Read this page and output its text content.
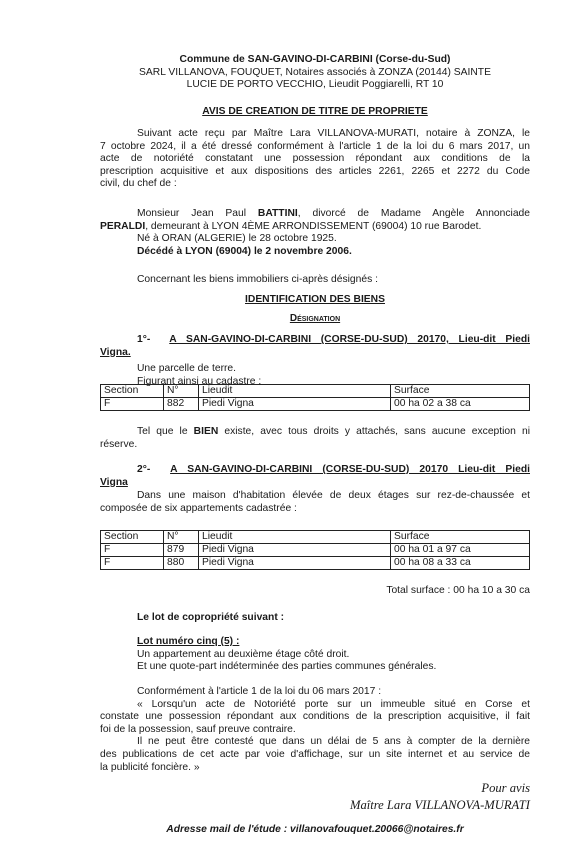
Commune de SAN-GAVINO-DI-CARBINI (Corse-du-Sud)

SARL VILLANOVA, FOUQUET, Notaires associés à ZONZA (20144) SAINTE

LUCIE DE PORTO VECCHIO, Lieudit Poggiarelli, RT 10

AVIS DE CREATION DE TITRE DE PROPRIETE

Suivant acte reçu par Maître Lara VILLANOVA-MURATI, notaire à ZONZA, le

7 octobre 2024, il a été dressé conformément à l'article 1 de la loi du 6 mars 2017, un

acte de notoriété constatant une possession répondant aux conditions de la

prescription acquisitive et aux dispositions des articles 2261, 2265 et 2272 du Code

civil, du chef de :

Monsieur Jean Paul BATTINI, divorcé de Madame Angèle Annonciade

PERALDI, demeurant à LYON 4ÈME ARRONDISSEMENT (69004) 10 rue Barodet.

Né à ORAN (ALGERIE) le 28 octobre 1925.

Décédé à LYON (69004) le 2 novembre 2006.

Concernant les biens immobiliers ci-après désignés :

IDENTIFICATION DES BIENS
Désignation

1°- A SAN-GAVINO-DI-CARBINI (CORSE-DU-SUD) 20170, Lieu-dit Piedi

Vigna.

Une parcelle de terre.

Figurant ainsi au cadastre :

Section	N°	Lieudit	Surface
F	882	Piedi Vigna	00 ha 02 a 38 ca

Tel que le BIEN existe, avec tous droits y attachés, sans aucune exception ni

réserve.

2°- A SAN-GAVINO-DI-CARBINI (CORSE-DU-SUD) 20170 Lieu-dit Piedi

Vigna

Dans une maison d'habitation élevée de deux étages sur rez-de-chaussée et

composée de six appartements cadastrée :

Section	N°	Lieudit	Surface
F	879	Piedi Vigna	00 ha 01 a 97 ca
F	880	Piedi Vigna	00 ha 08 a 33 ca

Total surface : 00 ha 10 a 30 ca

Le lot de copropriété suivant :

Lot numéro cinq (5) :

Un appartement au deuxième étage côté droit.

Et une quote-part indéterminée des parties communes générales.

Conformément à l'article 1 de la loi du 06 mars 2017 :

« Lorsqu'un acte de Notoriété porte sur un immeuble situé en Corse et

constate une possession répondant aux conditions de la prescription acquisitive, il fait

foi de la possession, sauf preuve contraire.

Il ne peut être contesté que dans un délai de 5 ans à compter de la dernière

des publications de cet acte par voie d'affichage, sur un site internet et au service de

la publicité foncière. »

Pour avis

Maître Lara VILLANOVA-MURATI

Adresse mail de l'étude : villanovafouquet.20066@notaires.fr
